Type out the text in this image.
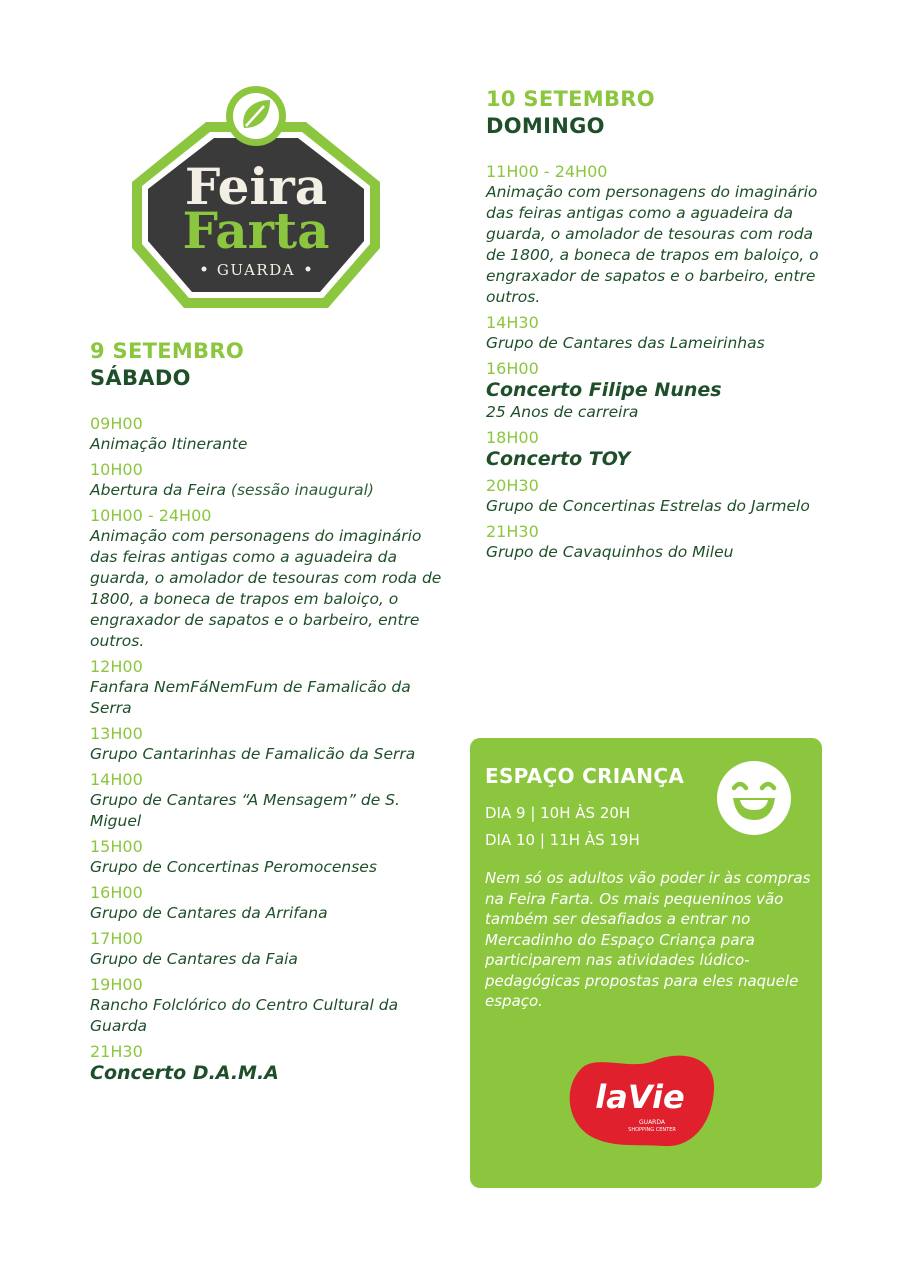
Feira
Farta
GUARDA
9 SETEMBRO
SÁBADO
09H00
Animação Itinerante
10H00
Abertura da Feira (sessão inaugural)
10H00 - 24H00
Animação com personagens do imaginário das feiras antigas como a aguadeira da guarda, o amolador de tesouras com roda de 1800, a boneca de trapos em baloiço, o engraxador de sapatos e o barbeiro, entre outros.
12H00
Fanfara NemFáNemFum de Famalicão da Serra
13H00
Grupo Cantarinhas de Famalicão da Serra
14H00
Grupo de Cantares “A Mensagem” de S. Miguel
15H00
Grupo de Concertinas Peromocenses
16H00
Grupo de Cantares da Arrifana
17H00
Grupo de Cantares da Faia
19H00
Rancho Folclórico do Centro Cultural da Guarda
21H30
Concerto D.A.M.A
10 SETEMBRO
DOMINGO
11H00 - 24H00
Animação com personagens do imaginário das feiras antigas como a aguadeira da guarda, o amolador de tesouras com roda de 1800, a boneca de trapos em baloiço, o engraxador de sapatos e o barbeiro, entre outros.
14H30
Grupo de Cantares das Lameirinhas
16H00
Concerto Filipe Nunes
25 Anos de carreira
18H00
Concerto TOY
20H30
Grupo de Concertinas Estrelas do Jarmelo
21H30
Grupo de Cavaquinhos do Mileu
ESPAÇO CRIANÇA
DIA 9 | 10H ÀS 20H
DIA 10 | 11H ÀS 19H
Nem só os adultos vão poder ir às compras na Feira Farta. Os mais pequeninos vão também ser desafiados a entrar no Mercadinho do Espaço Criança para participarem nas atividades lúdico-pedagógicas propostas para eles naquele espaço.
laVie
GUARDA
SHOPPING CENTER
